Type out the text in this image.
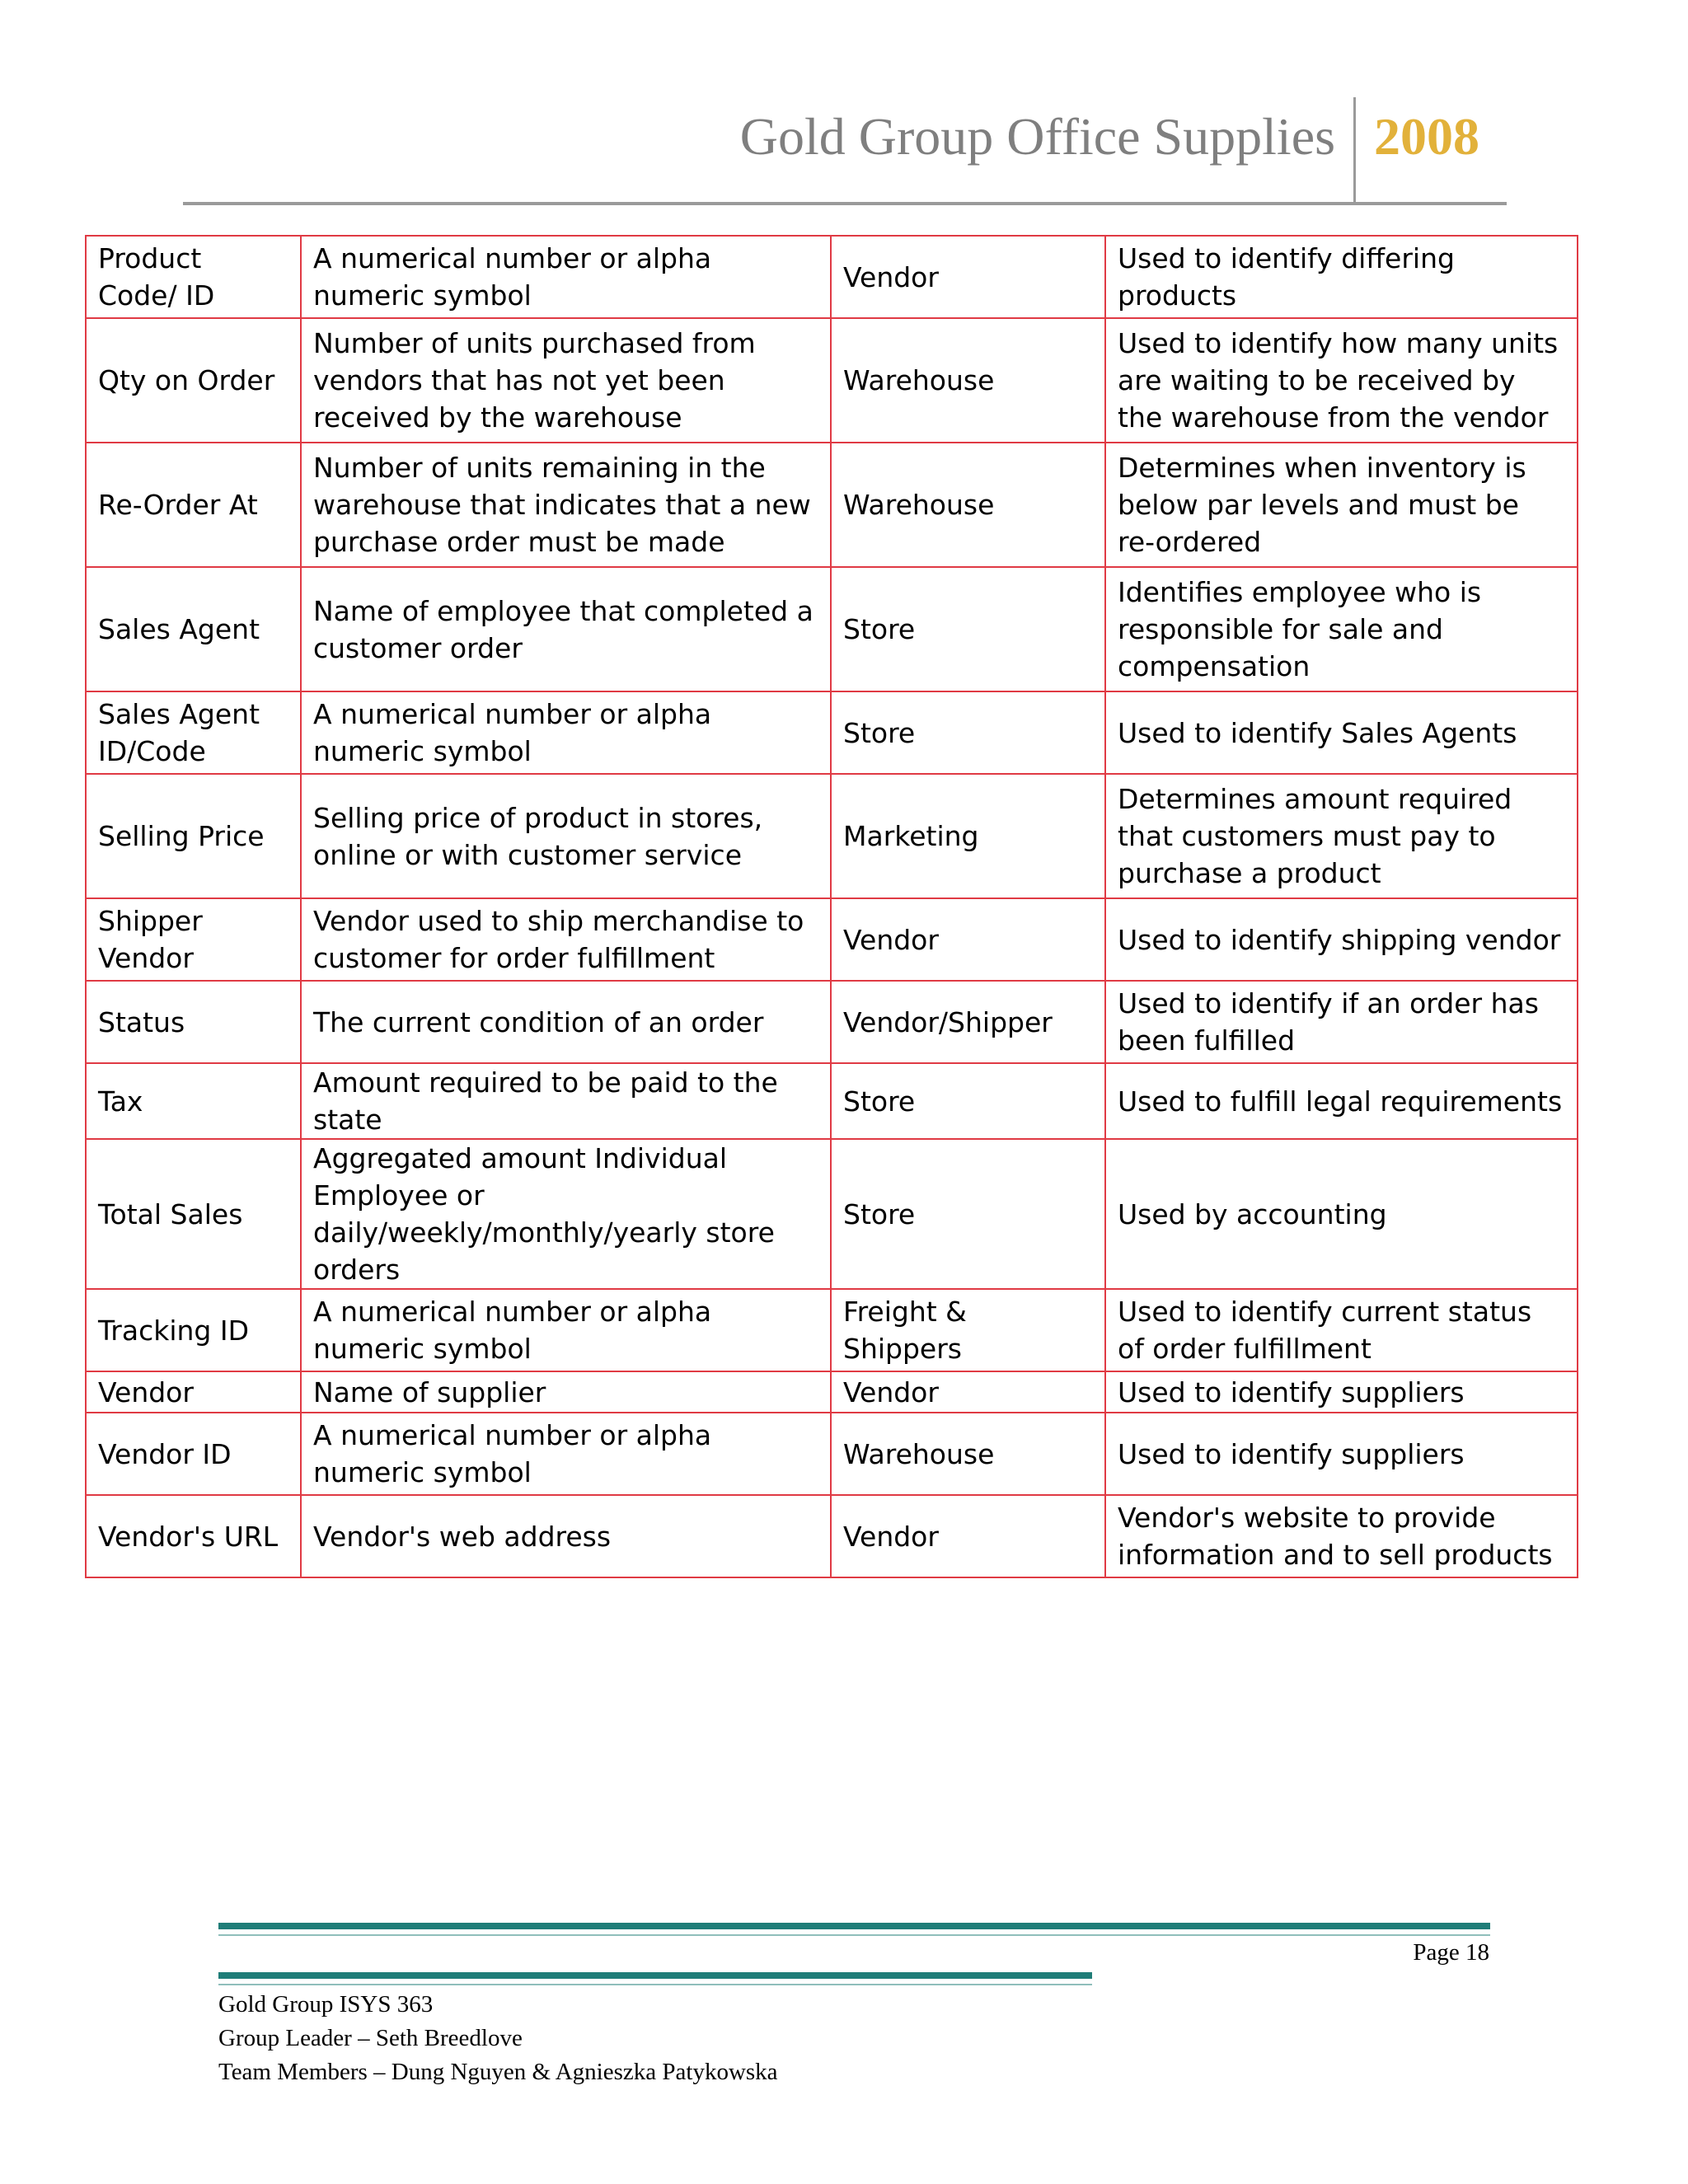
Gold Group Office Supplies 2008
Product Code/ ID	A numerical number or alpha numeric symbol	Vendor	Used to identify differing products
Qty on Order	Number of units purchased from vendors that has not yet been received by the warehouse	Warehouse	Used to identify how many units are waiting to be received by the warehouse from the vendor
Re-Order At	Number of units remaining in the warehouse that indicates that a new purchase order must be made	Warehouse	Determines when inventory is below par levels and must be re-ordered
Sales Agent	Name of employee that completed a customer order	Store	Identifies employee who is responsible for sale and compensation
Sales Agent ID/Code	A numerical number or alpha numeric symbol	Store	Used to identify Sales Agents
Selling Price	Selling price of product in stores, online or with customer service	Marketing	Determines amount required that customers must pay to purchase a product
Shipper Vendor	Vendor used to ship merchandise to customer for order fulfillment	Vendor	Used to identify shipping vendor
Status	The current condition of an order	Vendor/Shipper	Used to identify if an order has been fulfilled
Tax	Amount required to be paid to the state	Store	Used to fulfill legal requirements
Total Sales	Aggregated amount Individual Employee or daily/weekly/monthly/yearly store orders	Store	Used by accounting
Tracking ID	A numerical number or alpha numeric symbol	Freight & Shippers	Used to identify current status of order fulfillment
Vendor	Name of supplier	Vendor	Used to identify suppliers
Vendor ID	A numerical number or alpha numeric symbol	Warehouse	Used to identify suppliers
Vendor's URL	Vendor's web address	Vendor	Vendor's website to provide information and to sell products
Page 18
Gold Group ISYS 363
Group Leader – Seth Breedlove
Team Members – Dung Nguyen & Agnieszka Patykowska
